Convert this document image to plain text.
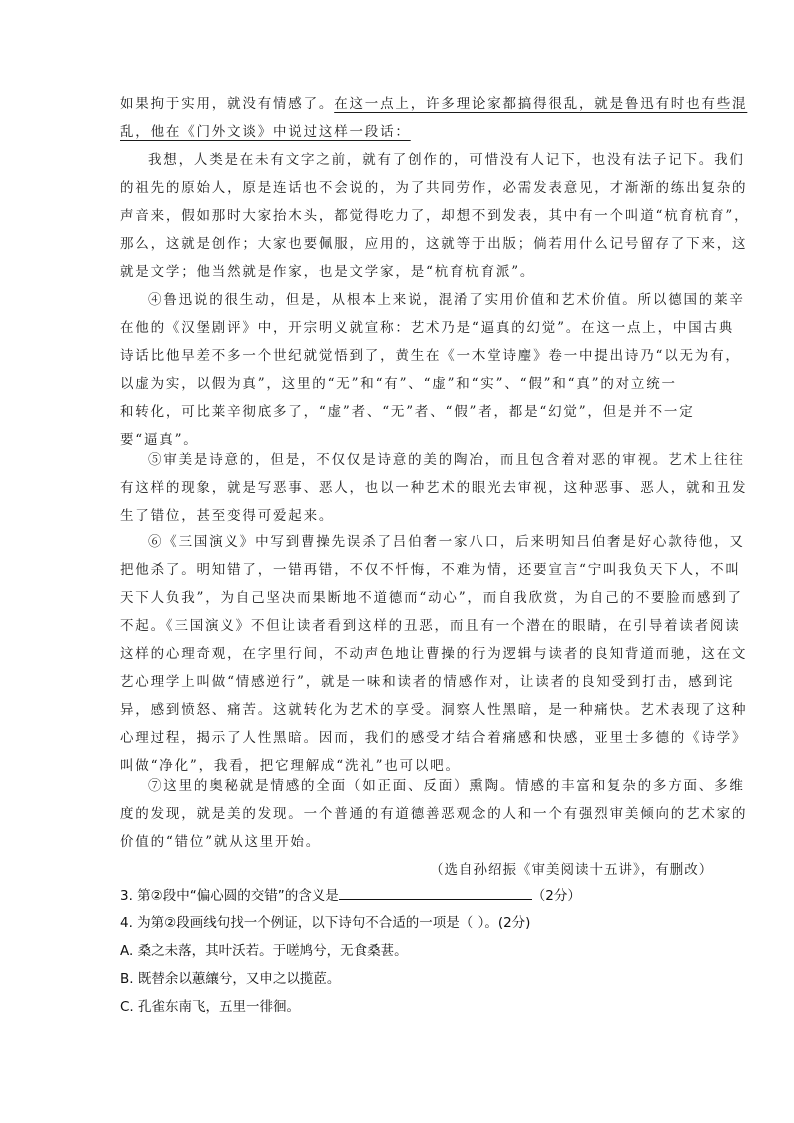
如果拘于实用，就没有情感了。在这一点上，许多理论家都搞得很乱，就是鲁迅有时也有些混
乱，他在《门外文谈》中说过这样一段话：
我想，人类是在未有文字之前，就有了创作的，可惜没有人记下，也没有法子记下。我们
的祖先的原始人，原是连话也不会说的，为了共同劳作，必需发表意见，才渐渐的练出复杂的
声音来，假如那时大家抬木头，都觉得吃力了，却想不到发表，其中有一个叫道“杭育杭育”，
那么，这就是创作；大家也要佩服，应用的，这就等于出版；倘若用什么记号留存了下来，这
就是文学；他当然就是作家，也是文学家，是“杭育杭育派”。
④鲁迅说的很生动，但是，从根本上来说，混淆了实用价值和艺术价值。所以德国的莱辛
在他的《汉堡剧评》中，开宗明义就宣称：艺术乃是“逼真的幻觉”。在这一点上，中国古典
诗话比他早差不多一个世纪就觉悟到了，黄生在《一木堂诗麈》卷一中提出诗乃“以无为有，
以虚为实，以假为真”，这里的“无”和“有”、“虚”和“实”、“假”和“真”的对立统一
和转化，可比莱辛彻底多了，“虚”者、“无”者、“假”者，都是“幻觉”，但是并不一定
要“逼真”。
⑤审美是诗意的，但是，不仅仅是诗意的美的陶冶，而且包含着对恶的审视。艺术上往往
有这样的现象，就是写恶事、恶人，也以一种艺术的眼光去审视，这种恶事、恶人，就和丑发
生了错位，甚至变得可爱起来。
⑥《三国演义》中写到曹操先误杀了吕伯奢一家八口，后来明知吕伯奢是好心款待他，又
把他杀了。明知错了，一错再错，不仅不忏悔，不难为情，还要宣言“宁叫我负天下人，不叫
天下人负我”，为自己坚决而果断地不道德而“动心”，而自我欣赏，为自己的不要脸而感到了
不起。《三国演义》不但让读者看到这样的丑恶，而且有一个潜在的眼睛，在引导着读者阅读
这样的心理奇观，在字里行间，不动声色地让曹操的行为逻辑与读者的良知背道而驰，这在文
艺心理学上叫做“情感逆行”，就是一味和读者的情感作对，让读者的良知受到打击，感到诧
异，感到愤怒、痛苦。这就转化为艺术的享受。洞察人性黑暗，是一种痛快。艺术表现了这种
心理过程，揭示了人性黑暗。因而，我们的感受才结合着痛感和快感，亚里士多德的《诗学》
叫做“净化”，我看，把它理解成“洗礼”也可以吧。
⑦这里的奥秘就是情感的全面（如正面、反面）熏陶。情感的丰富和复杂的多方面、多维
度的发现，就是美的发现。一个普通的有道德善恶观念的人和一个有强烈审美倾向的艺术家的
价值的“错位”就从这里开始。
（选自孙绍振《审美阅读十五讲》，有删改）
3. 第②段中“偏心圆的交错”的含义是	（2分）
4. 为第②段画线句找一个例证，以下诗句不合适的一项是（ ）。(2分)
A. 桑之未落，其叶沃若。于嗟鸠兮，无食桑葚。
B. 既替余以蕙纕兮，又申之以揽茝。
C. 孔雀东南飞，五里一徘徊。
